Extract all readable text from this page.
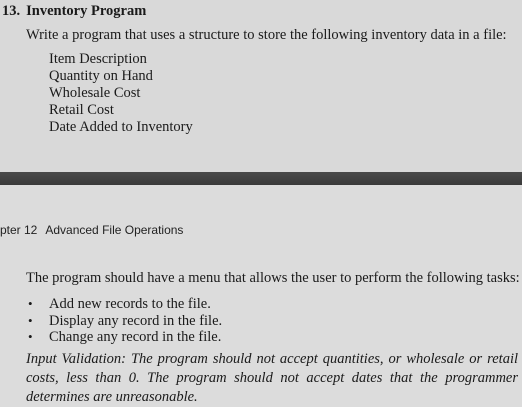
13. Inventory Program
Write a program that uses a structure to store the following inventory data in a file:
Item Description
Quantity on Hand
Wholesale Cost
Retail Cost
Date Added to Inventory
pter 12 Advanced File Operations
The program should have a menu that allows the user to perform the following tasks:
•	Add new records to the file.
•	Display any record in the file.
•	Change any record in the file.
Input Validation: The program should not accept quantities, or wholesale or retail costs, less than 0. The program should not accept dates that the programmer determines are unreasonable.
